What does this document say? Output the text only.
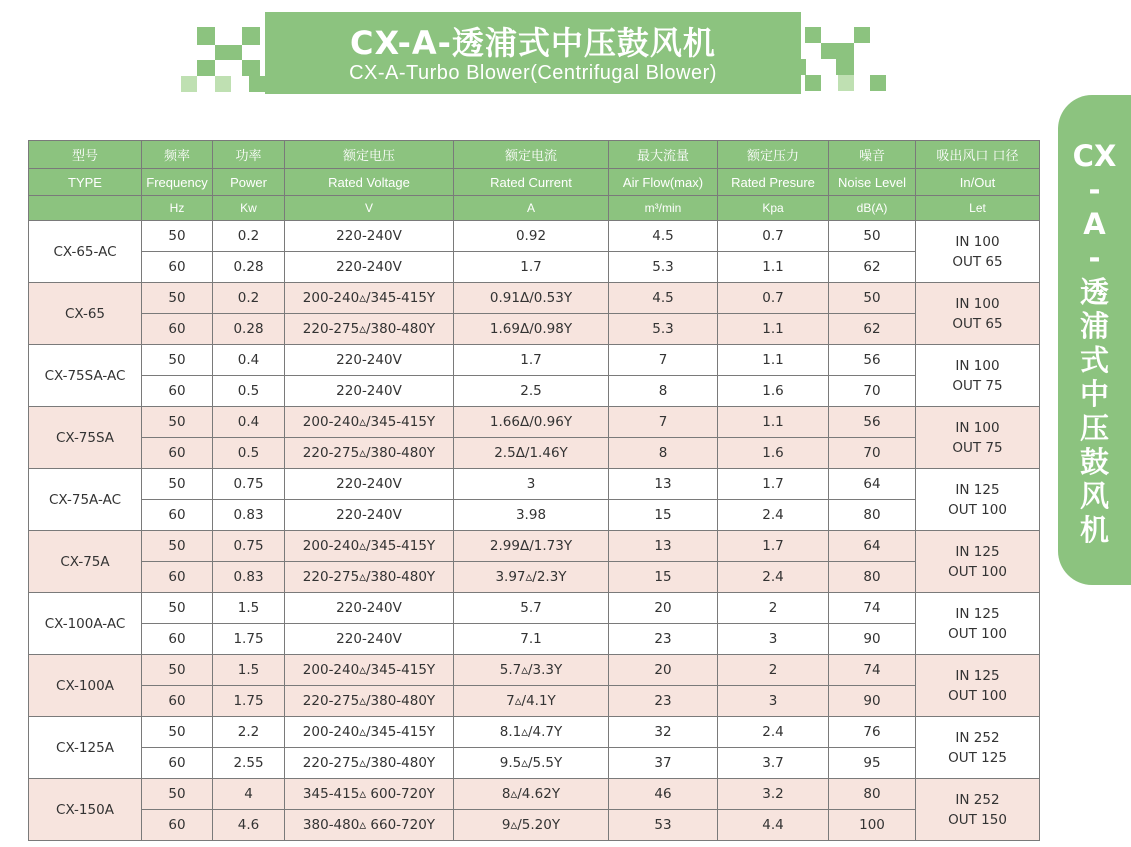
CX-A-透浦式中压鼓风机
CX-A-Turbo Blower(Centrifugal Blower)
CX
-
A
-
透
浦
式
中
压
鼓
风
机
型号	频率	功率	额定电压	额定电流	最大流量	额定压力	噪音	吸出风口 口径
TYPE	Frequency	Power	Rated Voltage	Rated Current	Air Flow(max)	Rated Presure	Noise Level	In/Out
	Hz	Kw	V	A	m³/min	Kpa	dB(A)	Let
CX-65-AC	50	0.2	220-240V	0.92	4.5	0.7	50	IN 100
OUT 65

	60	0.28	220-240V	1.7	5.3	1.1	62	
CX-65	50	0.2	200-240▵/345-415Y	0.91Δ/0.53Y	4.5	0.7	50	IN 100
OUT 65

	60	0.28	220-275▵/380-480Y	1.69Δ/0.98Y	5.3	1.1	62	
CX-75SA-AC	50	0.4	220-240V	1.7	7	1.1	56	IN 100
OUT 75

	60	0.5	220-240V	2.5	8	1.6	70	
CX-75SA	50	0.4	200-240▵/345-415Y	1.66Δ/0.96Y	7	1.1	56	IN 100
OUT 75

	60	0.5	220-275▵/380-480Y	2.5Δ/1.46Y	8	1.6	70	
CX-75A-AC	50	0.75	220-240V	3	13	1.7	64	IN 125
OUT 100

	60	0.83	220-240V	3.98	15	2.4	80	
CX-75A	50	0.75	200-240▵/345-415Y	2.99Δ/1.73Y	13	1.7	64	IN 125
OUT 100

	60	0.83	220-275▵/380-480Y	3.97▵/2.3Y	15	2.4	80	
CX-100A-AC	50	1.5	220-240V	5.7	20	2	74	IN 125
OUT 100

	60	1.75	220-240V	7.1	23	3	90	
CX-100A	50	1.5	200-240▵/345-415Y	5.7▵/3.3Y	20	2	74	IN 125
OUT 100

	60	1.75	220-275▵/380-480Y	7▵/4.1Y	23	3	90	
CX-125A	50	2.2	200-240▵/345-415Y	8.1▵/4.7Y	32	2.4	76	IN 252
OUT 125

	60	2.55	220-275▵/380-480Y	9.5▵/5.5Y	37	3.7	95	
CX-150A	50	4	345-415▵ 600-720Y	8▵/4.62Y	46	3.2	80	IN 252
OUT 150

	60	4.6	380-480▵ 660-720Y	9▵/5.20Y	53	4.4	100	
